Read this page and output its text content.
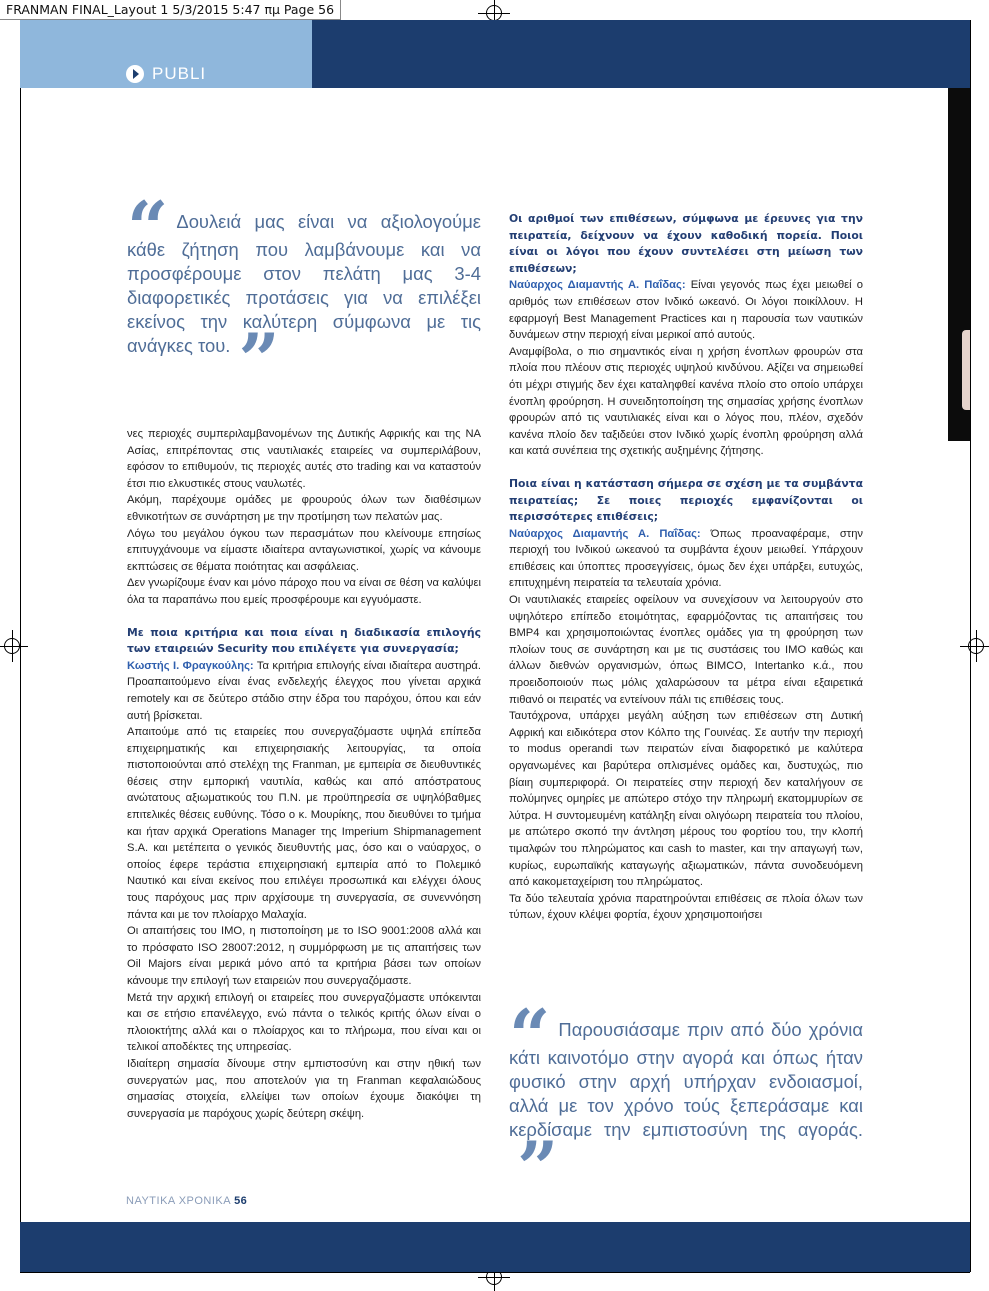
FRANMAN FINAL_Layout 1 5/3/2015 5:47 πμ Page 56
PUBLI
“ Δουλειά μας είναι να αξιολογούμε κάθε ζήτηση που λαμβάνουμε και να προσφέρουμε στον πελάτη μας 3-4 διαφορετικές προτάσεις για να επιλέξει εκείνος την καλύτερη σύμφωνα με τις ανάγκες του. ”

νες περιοχές συμπεριλαμβανομένων της Δυτικής Αφρικής και της ΝΑ Ασίας, επιτρέποντας στις ναυτιλιακές εταιρείες να συμπεριλάβουν, εφόσον το επιθυμούν, τις περιοχές αυτές στο trading και να καταστούν έτσι πιο ελκυστικές στους ναυλωτές.

Ακόμη, παρέχουμε ομάδες με φρουρούς όλων των διαθέσιμων εθνικοτήτων σε συνάρτηση με την προτίμηση των πελατών μας.

Λόγω του μεγάλου όγκου των περασμάτων που κλείνουμε επησίως επιτυγχάνουμε να είμαστε ιδιαίτερα ανταγωνιστικοί, χωρίς να κάνουμε εκπτώσεις σε θέματα ποιότητας και ασφάλειας.

Δεν γνωρίζουμε έναν και μόνο πάροχο που να είναι σε θέση να καλύψει όλα τα παραπάνω που εμείς προσφέρουμε και εγγυόμαστε.

Με ποια κριτήρια και ποια είναι η διαδικασία επιλογής των εταιρειών Security που επιλέγετε για συνεργασία;

Κωστής Ι. Φραγκούλης: Τα κριτήρια επιλογής είναι ιδιαίτερα αυστηρά. Προαπαιτούμενο είναι ένας ενδελεχής έλεγχος που γίνεται αρχικά remotely και σε δεύτερο στάδιο στην έδρα του παρόχου, όπου και εάν αυτή βρίσκεται.

Απαιτούμε από τις εταιρείες που συνεργαζόμαστε υψηλά επίπεδα επιχειρηματικής και επιχειρησιακής λειτουργίας, τα οποία πιστοποιούνται από στελέχη της Franman, με εμπειρία σε διευθυντικές θέσεις στην εμπορική ναυτιλία, καθώς και από απόστρατους ανώτατους αξιωματικούς του Π.Ν. με προϋπηρεσία σε υψηλόβαθμες επιτελικές θέσεις ευθύνης. Τόσο ο κ. Μουρίκης, που διευθύνει το τμήμα και ήταν αρχικά Operations Manager της Imperium Shipmanagement S.A. και μετέπειτα ο γενικός διευθυντής μας, όσο και ο ναύαρχος, ο οποίος έφερε τεράστια επιχειρησιακή εμπειρία από το Πολεμικό Ναυτικό και είναι εκείνος που επιλέγει προσωπικά και ελέγχει όλους τους παρόχους μας πριν αρχίσουμε τη συνεργασία, σε συνεννόηση πάντα και με τον πλοίαρχο Μαλαχία.

Οι απαιτήσεις του IMO, η πιστοποίηση με το ISO 9001:2008 αλλά και το πρόσφατο ISO 28007:2012, η συμμόρφωση με τις απαιτήσεις των Oil Majors είναι μερικά μόνο από τα κριτήρια βάσει των οποίων κάνουμε την επιλογή των εταιρειών που συνεργαζόμαστε.

Μετά την αρχική επιλογή οι εταιρείες που συνεργαζόμαστε υπόκεινται και σε ετήσιο επανέλεγχο, ενώ πάντα ο τελικός κριτής όλων είναι ο πλοιοκτήτης αλλά και ο πλοίαρχος και το πλήρωμα, που είναι και οι τελικοί αποδέκτες της υπηρεσίας.

Ιδιαίτερη σημασία δίνουμε στην εμπιστοσύνη και στην ηθική των συνεργατών μας, που αποτελούν για τη Franman κεφαλαιώδους σημασίας στοιχεία, ελλείψει των οποίων έχουμε διακόψει τη συνεργασία με παρόχους χωρίς δεύτερη σκέψη.

Οι αριθμοί των επιθέσεων, σύμφωνα με έρευνες για την πειρατεία, δείχνουν να έχουν καθοδική πορεία. Ποιοι είναι οι λόγοι που έχουν συντελέσει στη μείωση των επιθέσεων;

Ναύαρχος Διαμαντής Α. Παΐδας: Είναι γεγονός πως έχει μειωθεί ο αριθμός των επιθέσεων στον Ινδικό ωκεανό. Οι λόγοι ποικίλλουν. Η εφαρμογή Best Management Practices και η παρουσία των ναυτικών δυνάμεων στην περιοχή είναι μερικοί από αυτούς.

Αναμφίβολα, ο πιο σημαντικός είναι η χρήση ένοπλων φρουρών στα πλοία που πλέουν στις περιοχές υψηλού κινδύνου. Αξίζει να σημειωθεί ότι μέχρι στιγμής δεν έχει καταληφθεί κανένα πλοίο στο οποίο υπάρχει ένοπλη φρούρηση. Η συνειδητοποίηση της σημασίας χρήσης ένοπλων φρουρών από τις ναυτιλιακές είναι και ο λόγος που, πλέον, σχεδόν κανένα πλοίο δεν ταξιδεύει στον Ινδικό χωρίς ένοπλη φρούρηση αλλά και κατά συνέπεια της σχετικής αυξημένης ζήτησης.

Ποια είναι η κατάσταση σήμερα σε σχέση με τα συμβάντα πειρατείας; Σε ποιες περιοχές εμφανίζονται οι περισσότερες επιθέσεις;

Ναύαρχος Διαμαντής Α. Παΐδας: Όπως προαναφέραμε, στην περιοχή του Ινδικού ωκεανού τα συμβάντα έχουν μειωθεί. Υπάρχουν επιθέσεις και ύποπτες προσεγγίσεις, όμως δεν έχει υπάρξει, ευτυχώς, επιτυχημένη πειρατεία τα τελευταία χρόνια.

Οι ναυτιλιακές εταιρείες οφείλουν να συνεχίσουν να λειτουργούν στο υψηλότερο επίπεδο ετοιμότητας, εφαρμόζοντας τις απαιτήσεις του BMP4 και χρησιμοποιώντας ένοπλες ομάδες για τη φρούρηση των πλοίων τους σε συνάρτηση και με τις συστάσεις του IMO καθώς και άλλων διεθνών οργανισμών, όπως BIMCO, Intertanko κ.ά., που προειδοποιούν πως μόλις χαλαρώσουν τα μέτρα είναι εξαιρετικά πιθανό οι πειρατές να εντείνουν πάλι τις επιθέσεις τους.

Ταυτόχρονα, υπάρχει μεγάλη αύξηση των επιθέσεων στη Δυτική Αφρική και ειδικότερα στον Κόλπο της Γουινέας. Σε αυτήν την περιοχή το modus operandi των πειρατών είναι διαφορετικό με καλύτερα οργανωμένες και βαρύτερα οπλισμένες ομάδες και, δυστυχώς, πιο βίαιη συμπεριφορά. Οι πειρατείες στην περιοχή δεν καταλήγουν σε πολύμηνες ομηρίες με απώτερο στόχο την πληρωμή εκατομμυρίων σε λύτρα. Η συντομευμένη κατάληξη είναι ολιγόωρη πειρατεία του πλοίου, με απώτερο σκοπό την άντληση μέρους του φορτίου του, την κλοπή τιμαλφών του πληρώματος και cash to master, και την απαγωγή των, κυρίως, ευρωπαϊκής καταγωγής αξιωματικών, πάντα συνοδευόμενη από κακομεταχείριση του πληρώματος.

Τα δύο τελευταία χρόνια παρατηρούνται επιθέσεις σε πλοία όλων των τύπων, έχουν κλέψει φορτία, έχουν χρησιμοποιήσει

“ Παρουσιάσαμε πριν από δύο χρόνια κάτι καινοτόμο στην αγορά και όπως ήταν φυσικό στην αρχή υπήρχαν ενδοιασμοί, αλλά με τον χρόνο τούς ξεπεράσαμε και κερδίσαμε την εμπιστοσύνη της αγοράς.”
ΝΑΥΤΙΚΑ ΧΡΟΝΙΚΑ 56
